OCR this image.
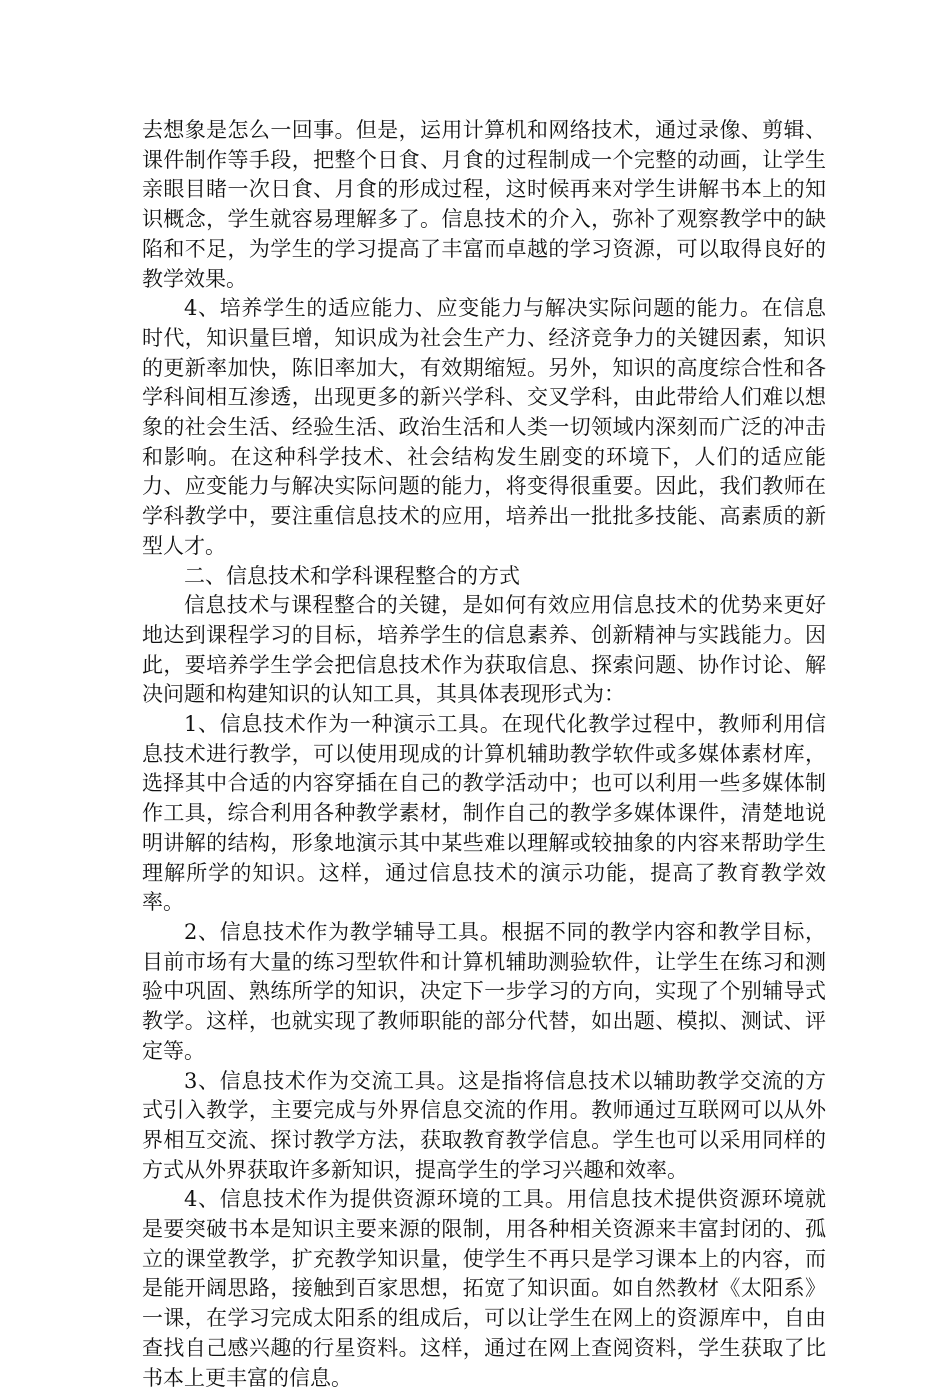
去想象是怎么一回事。但是，运用计算机和网络技术，通过录像、剪辑、课件制作等手段，把整个日食、月食的过程制成一个完整的动画，让学生亲眼目睹一次日食、月食的形成过程，这时候再来对学生讲解书本上的知识概念，学生就容易理解多了。信息技术的介入，弥补了观察教学中的缺陷和不足，为学生的学习提高了丰富而卓越的学习资源，可以取得良好的教学效果。

4、培养学生的适应能力、应变能力与解决实际问题的能力。在信息时代，知识量巨增，知识成为社会生产力、经济竞争力的关键因素，知识的更新率加快，陈旧率加大，有效期缩短。另外，知识的高度综合性和各学科间相互渗透，出现更多的新兴学科、交叉学科，由此带给人们难以想象的社会生活、经验生活、政治生活和人类一切领域内深刻而广泛的冲击和影响。在这种科学技术、社会结构发生剧变的环境下，人们的适应能力、应变能力与解决实际问题的能力，将变得很重要。因此，我们教师在学科教学中，要注重信息技术的应用，培养出一批批多技能、高素质的新型人才。

二、信息技术和学科课程整合的方式

信息技术与课程整合的关键，是如何有效应用信息技术的优势来更好地达到课程学习的目标，培养学生的信息素养、创新精神与实践能力。因此，要培养学生学会把信息技术作为获取信息、探索问题、协作讨论、解决问题和构建知识的认知工具，其具体表现形式为：

1、信息技术作为一种演示工具。在现代化教学过程中，教师利用信息技术进行教学，可以使用现成的计算机辅助教学软件或多媒体素材库，选择其中合适的内容穿插在自己的教学活动中；也可以利用一些多媒体制作工具，综合利用各种教学素材，制作自己的教学多媒体课件，清楚地说明讲解的结构，形象地演示其中某些难以理解或较抽象的内容来帮助学生理解所学的知识。这样，通过信息技术的演示功能，提高了教育教学效率。

2、信息技术作为教学辅导工具。根据不同的教学内容和教学目标，目前市场有大量的练习型软件和计算机辅助测验软件，让学生在练习和测验中巩固、熟练所学的知识，决定下一步学习的方向，实现了个别辅导式教学。这样，也就实现了教师职能的部分代替，如出题、模拟、测试、评定等。

3、信息技术作为交流工具。这是指将信息技术以辅助教学交流的方式引入教学，主要完成与外界信息交流的作用。教师通过互联网可以从外界相互交流、探讨教学方法，获取教育教学信息。学生也可以采用同样的方式从外界获取许多新知识，提高学生的学习兴趣和效率。

4、信息技术作为提供资源环境的工具。用信息技术提供资源环境就是要突破书本是知识主要来源的限制，用各种相关资源来丰富封闭的、孤立的课堂教学，扩充教学知识量，使学生不再只是学习课本上的内容，而是能开阔思路，接触到百家思想，拓宽了知识面。如自然教材《太阳系》一课，在学习完成太阳系的组成后，可以让学生在网上的资源库中，自由查找自己感兴趣的行星资料。这样，通过在网上查阅资料，学生获取了比书本上更丰富的信息。
